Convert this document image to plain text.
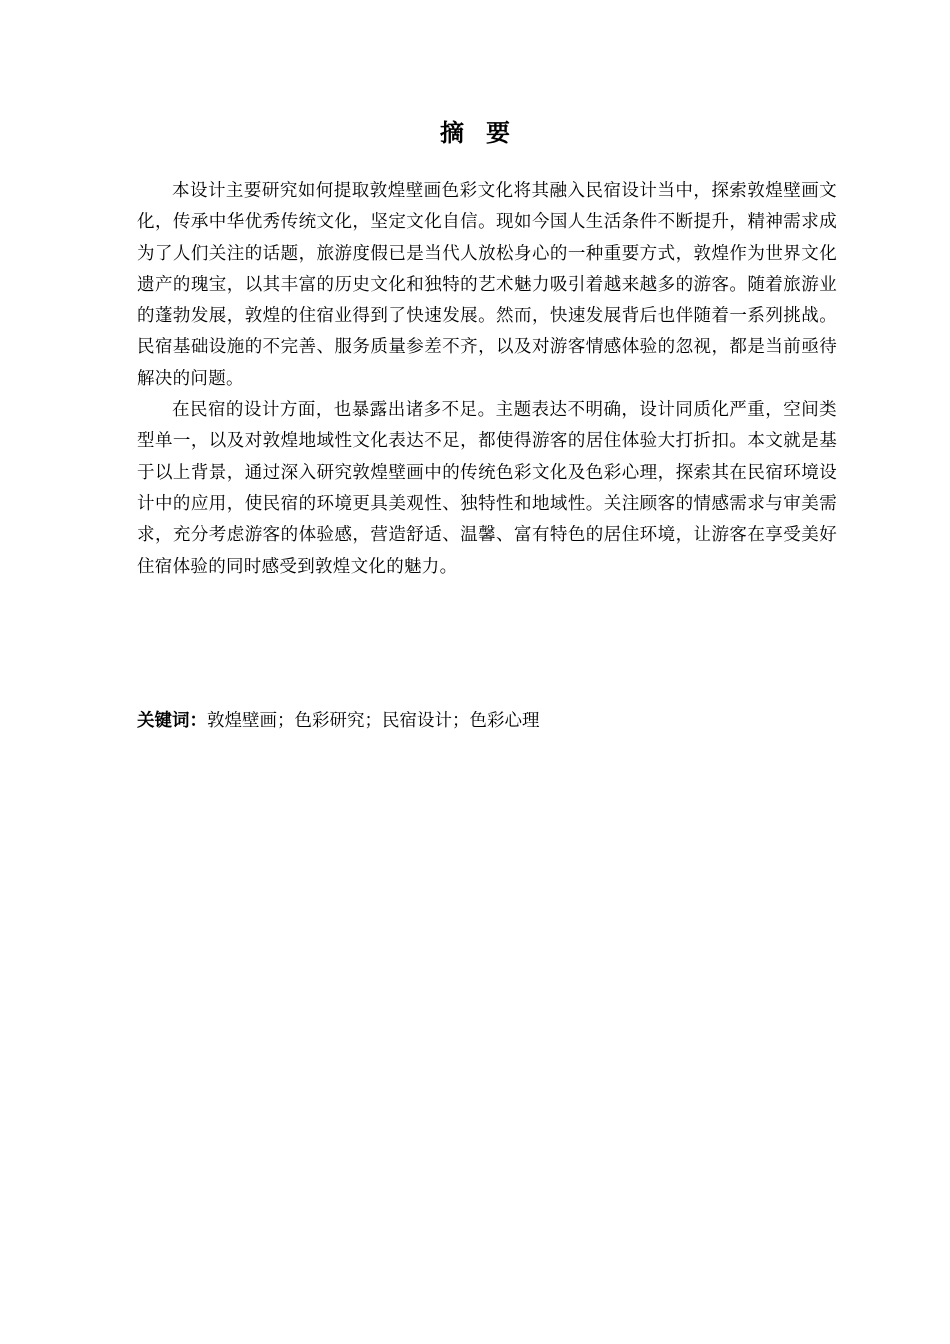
摘要

本设计主要研究如何提取敦煌壁画色彩文化将其融入民宿设计当中，探索敦煌壁画文化，传承中华优秀传统文化，坚定文化自信。现如今国人生活条件不断提升，精神需求成为了人们关注的话题，旅游度假已是当代人放松身心的一种重要方式，敦煌作为世界文化遗产的瑰宝，以其丰富的历史文化和独特的艺术魅力吸引着越来越多的游客。随着旅游业的蓬勃发展，敦煌的住宿业得到了快速发展。然而，快速发展背后也伴随着一系列挑战。民宿基础设施的不完善、服务质量参差不齐，以及对游客情感体验的忽视，都是当前亟待解决的问题。

在民宿的设计方面，也暴露出诸多不足。主题表达不明确，设计同质化严重，空间类型单一，以及对敦煌地域性文化表达不足，都使得游客的居住体验大打折扣。本文就是基于以上背景，通过深入研究敦煌壁画中的传统色彩文化及色彩心理，探索其在民宿环境设计中的应用，使民宿的环境更具美观性、独特性和地域性。关注顾客的情感需求与审美需求，充分考虑游客的体验感，营造舒适、温馨、富有特色的居住环境，让游客在享受美好住宿体验的同时感受到敦煌文化的魅力。

关键词：敦煌壁画；色彩研究；民宿设计；色彩心理
